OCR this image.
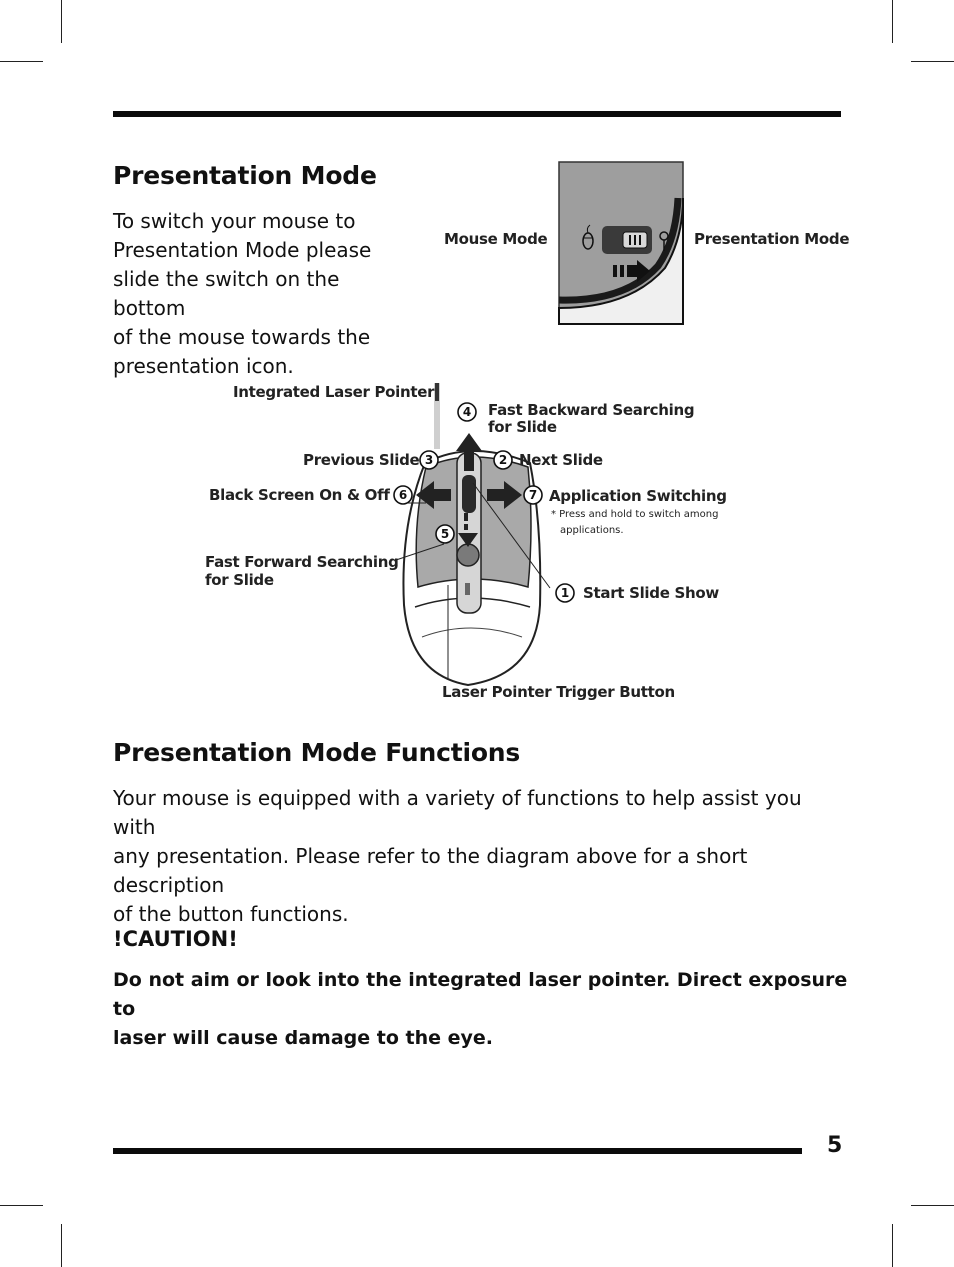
Presentation Mode
To switch your mouse to
Presentation Mode please
slide the switch on the bottom
of the mouse towards the
presentation icon.
Mouse Mode	Presentation Mode
4
3	2
6	7
5
1
Integrated Laser Pointer
Fast Backward Searching
for Slide
Previous Slide	Next Slide
Black Screen On & Off	Application Switching
* Press and hold to switch among
applications.
Fast Forward Searching
for Slide
Start Slide Show
Laser Pointer Trigger Button
Presentation Mode Functions
Your mouse is equipped with a variety of functions to help assist you with
any presentation. Please refer to the diagram above for a short description
of the button functions.
!CAUTION!
Do not aim or look into the integrated laser pointer. Direct exposure to
laser will cause damage to the eye.
5
